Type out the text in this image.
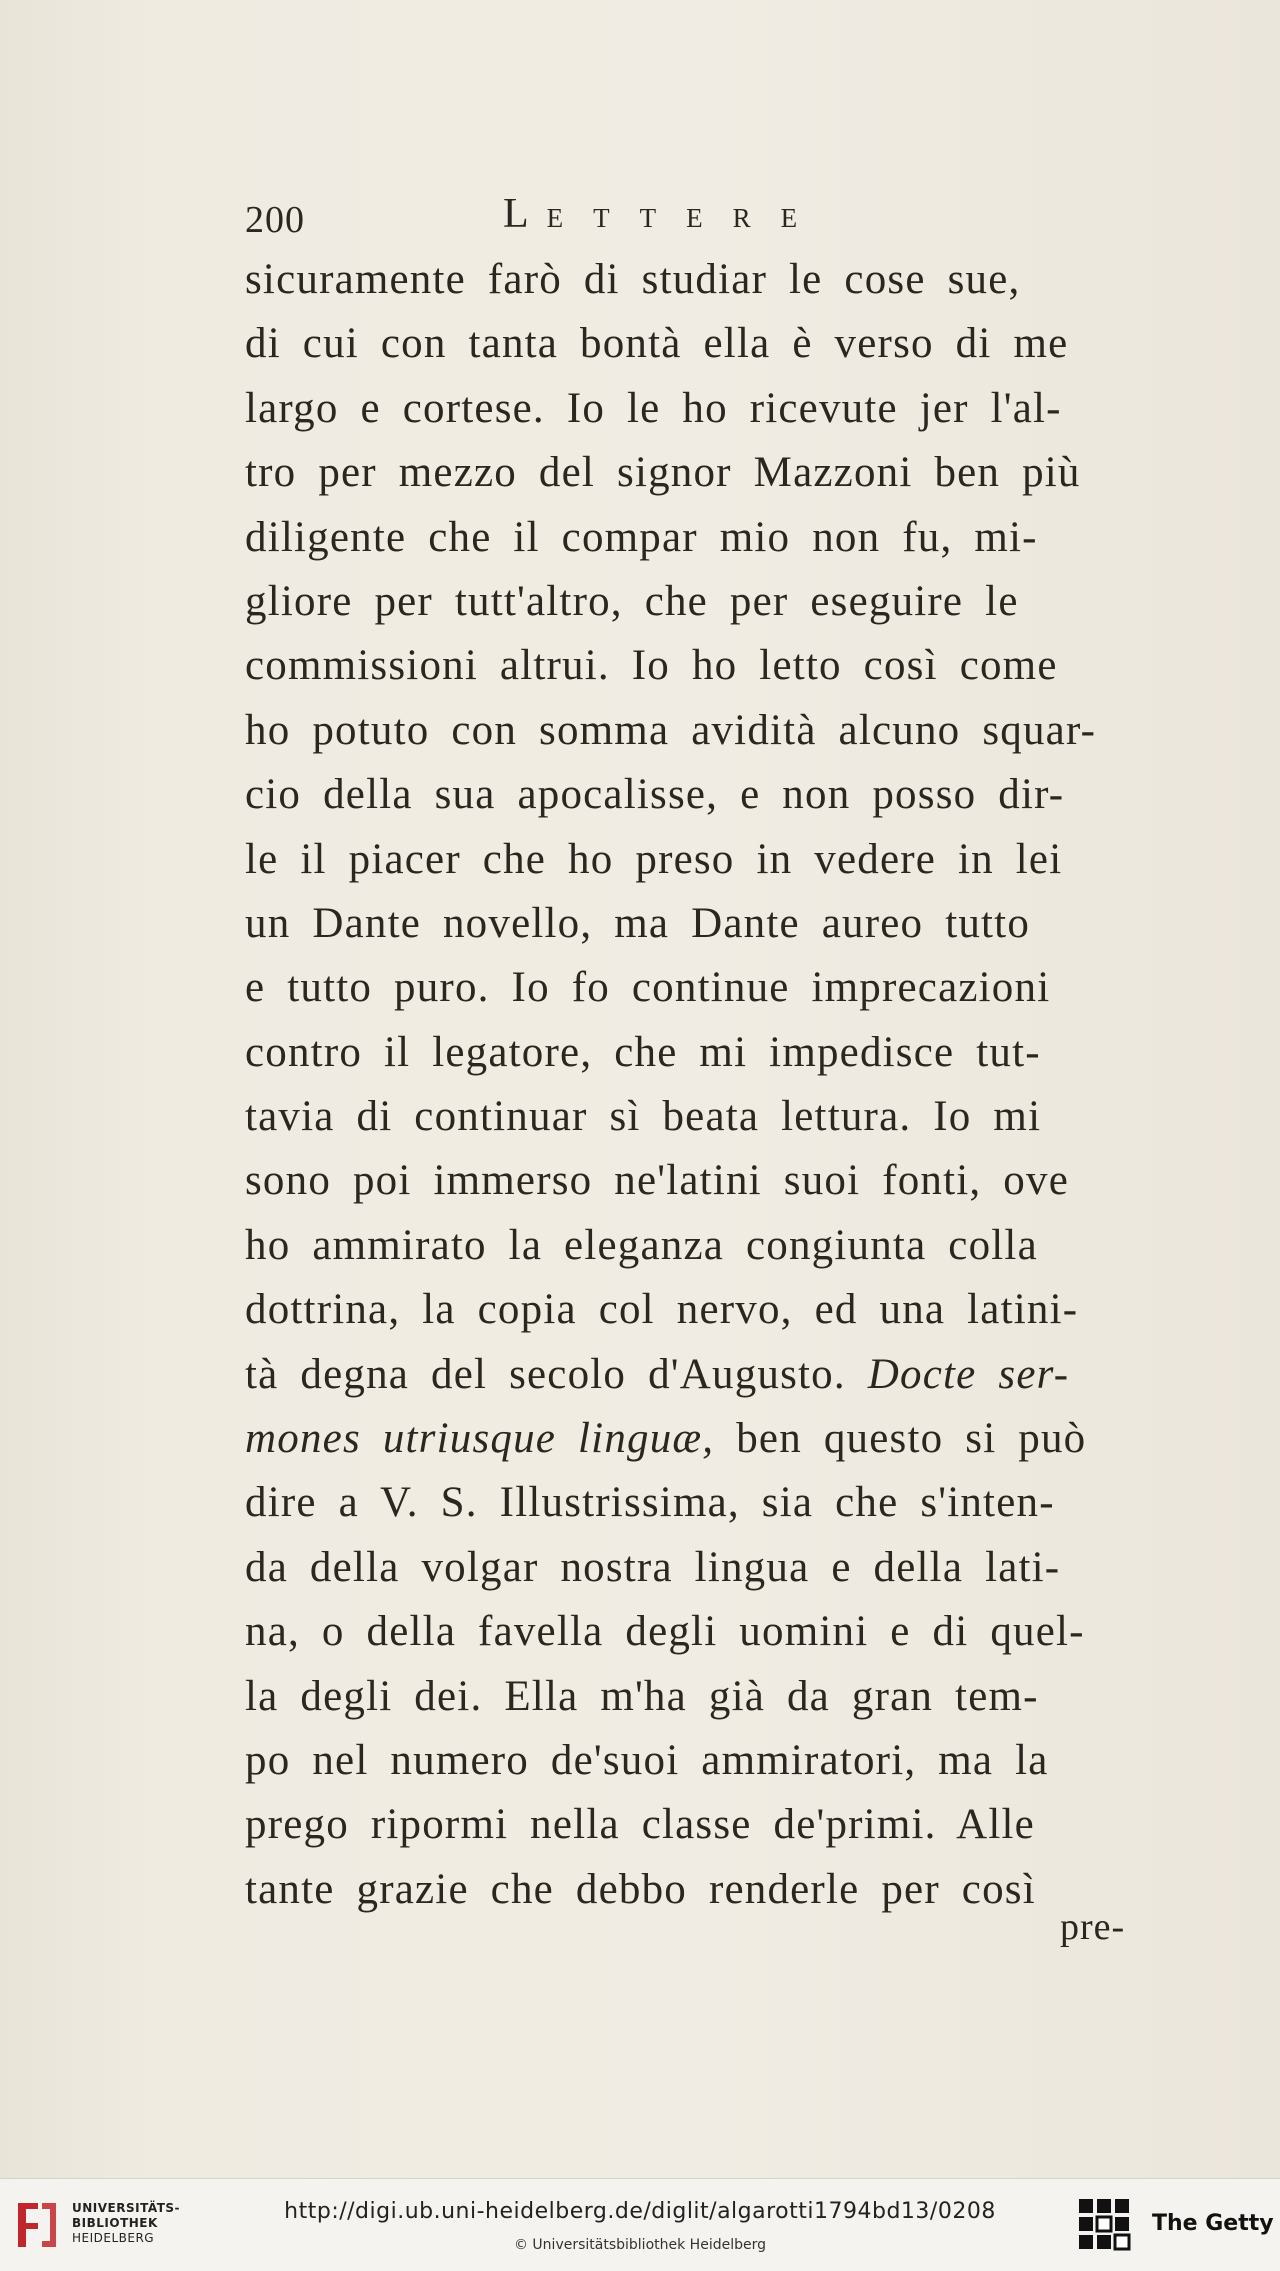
200	LETTERE
sicuramente farò di studiar le cose sue,
di cui con tanta bontà ella è verso di me
largo e cortese. Io le ho ricevute jer l'al-
tro per mezzo del signor Mazzoni ben più
diligente che il compar mio non fu, mi-
gliore per tutt'altro, che per eseguire le
commissioni altrui. Io ho letto così come
ho potuto con somma avidità alcuno squar-
cio della sua apocalisse, e non posso dir-
le il piacer che ho preso in vedere in lei
un Dante novello, ma Dante aureo tutto
e tutto puro. Io fo continue imprecazioni
contro il legatore, che mi impedisce tut-
tavia di continuar sì beata lettura. Io mi
sono poi immerso ne'latini suoi fonti, ove
ho ammirato la eleganza congiunta colla
dottrina, la copia col nervo, ed una latini-
tà degna del secolo d'Augusto. Docte ser-
mones utriusque linguæ, ben questo si può
dire a V. S. Illustrissima, sia che s'inten-
da della volgar nostra lingua e della lati-
na, o della favella degli uomini e di quel-
la degli dei. Ella m'ha già da gran tem-
po nel numero de'suoi ammiratori, ma la
prego ripormi nella classe de'primi. Alle
tante grazie che debbo renderle per così
pre-
UNIVERSITÄTS-
BIBLIOTHEK
HEIDELBERG
http://digi.ub.uni-heidelberg.de/diglit/algarotti1794bd13/0208
© Universitätsbibliothek Heidelberg
The Getty
